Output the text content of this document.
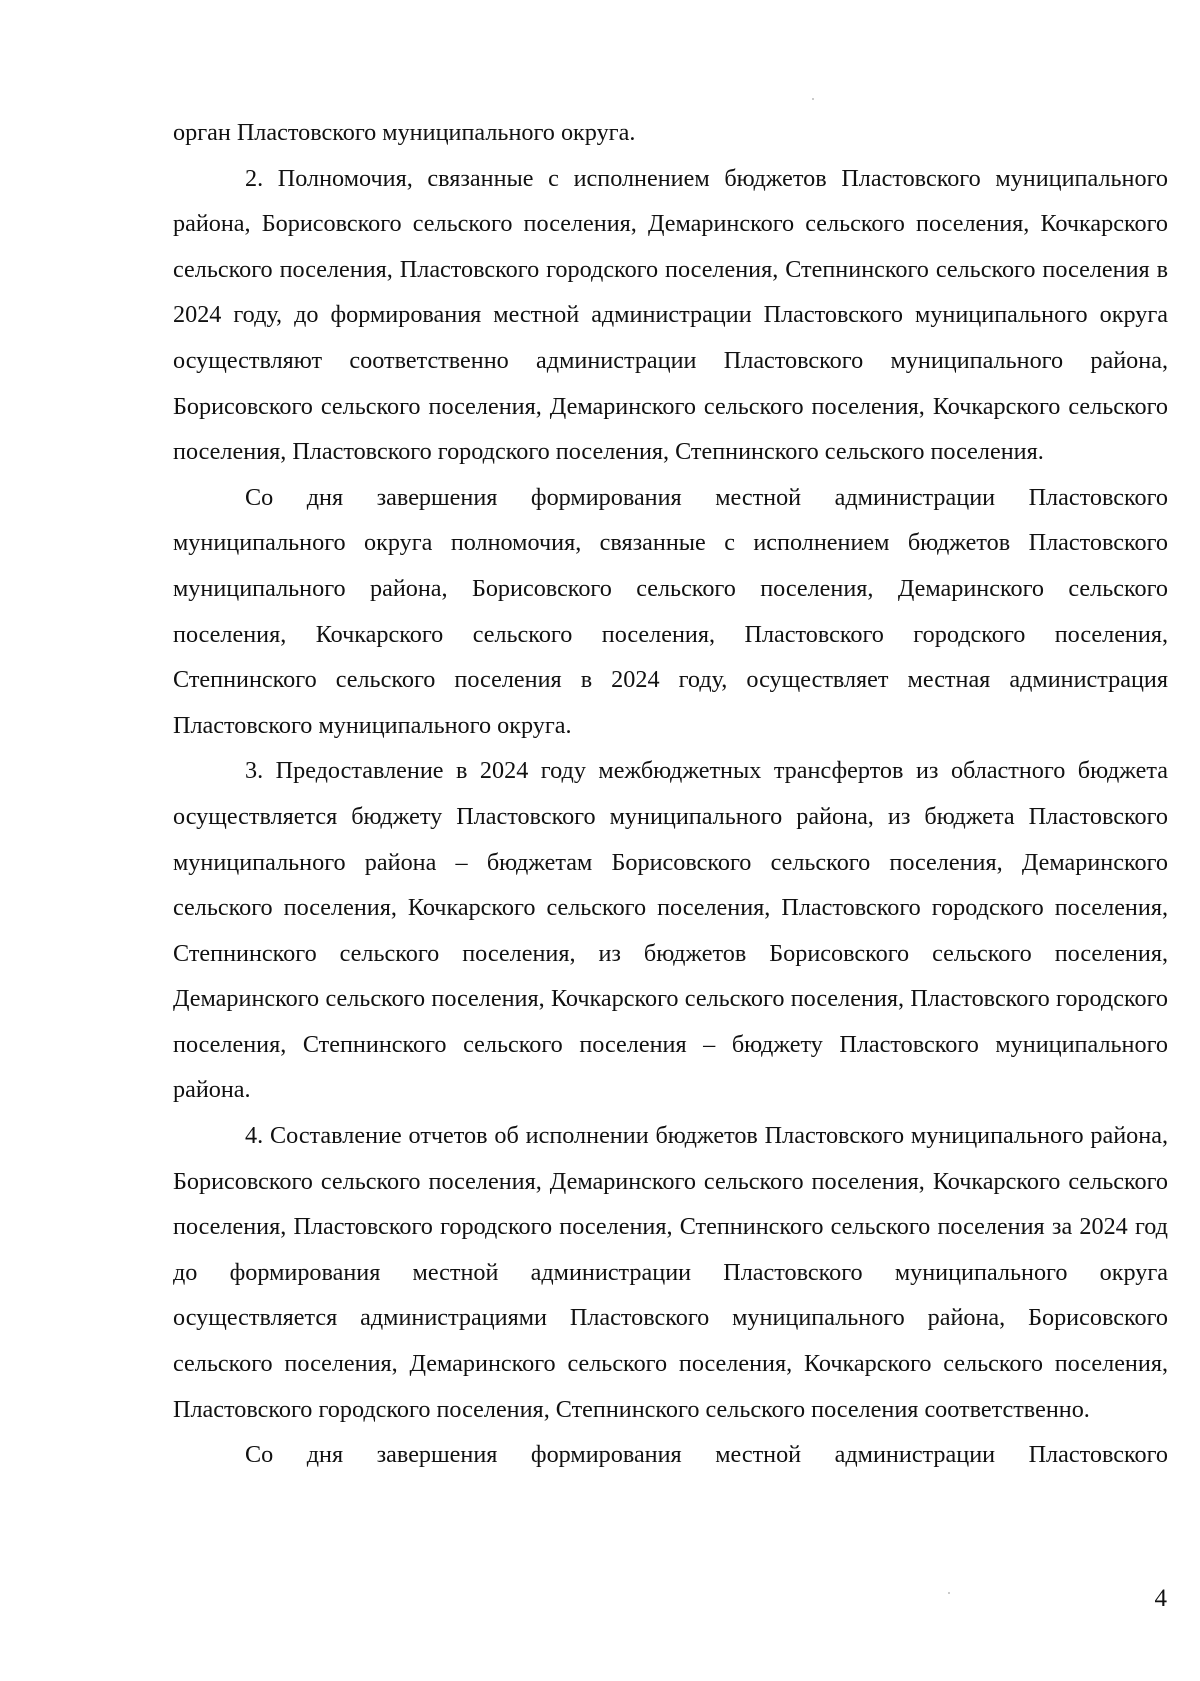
орган Пластовского муниципального округа.

2. Полномочия, связанные с исполнением бюджетов Пластовского муниципального района, Борисовского сельского поселения, Демаринского сельского поселения, Кочкарского сельского поселения, Пластовского городского поселения, Степнинского сельского поселения в 2024 году, до формирования местной администрации Пластовского муниципального округа осуществляют соответственно администрации Пластовского муниципального района, Борисовского сельского поселения, Демаринского сельского поселения, Кочкарского сельского поселения, Пластовского городского поселения, Степнинского сельского поселения.

Со дня завершения формирования местной администрации Пластовского муниципального округа полномочия, связанные с исполнением бюджетов Пластовского муниципального района, Борисовского сельского поселения, Демаринского сельского поселения, Кочкарского сельского поселения, Пластовского городского поселения, Степнинского сельского поселения в 2024 году, осуществляет местная администрация Пластовского муниципального округа.

3. Предоставление в 2024 году межбюджетных трансфертов из областного бюджета осуществляется бюджету Пластовского муниципального района, из бюджета Пластовского муниципального района – бюджетам Борисовского сельского поселения, Демаринского сельского поселения, Кочкарского сельского поселения, Пластовского городского поселения, Степнинского сельского поселения, из бюджетов Борисовского сельского поселения, Демаринского сельского поселения, Кочкарского сельского поселения, Пластовского городского поселения, Степнинского сельского поселения – бюджету Пластовского муниципального района.

4. Составление отчетов об исполнении бюджетов Пластовского муниципального района, Борисовского сельского поселения, Демаринского сельского поселения, Кочкарского сельского поселения, Пластовского городского поселения, Степнинского сельского поселения за 2024 год до формирования местной администрации Пластовского муниципального округа осуществляется администрациями Пластовского муниципального района, Борисовского сельского поселения, Демаринского сельского поселения, Кочкарского сельского поселения, Пластовского городского поселения, Степнинского сельского поселения соответственно.

Со дня завершения формирования местной администрации Пластовского

4
